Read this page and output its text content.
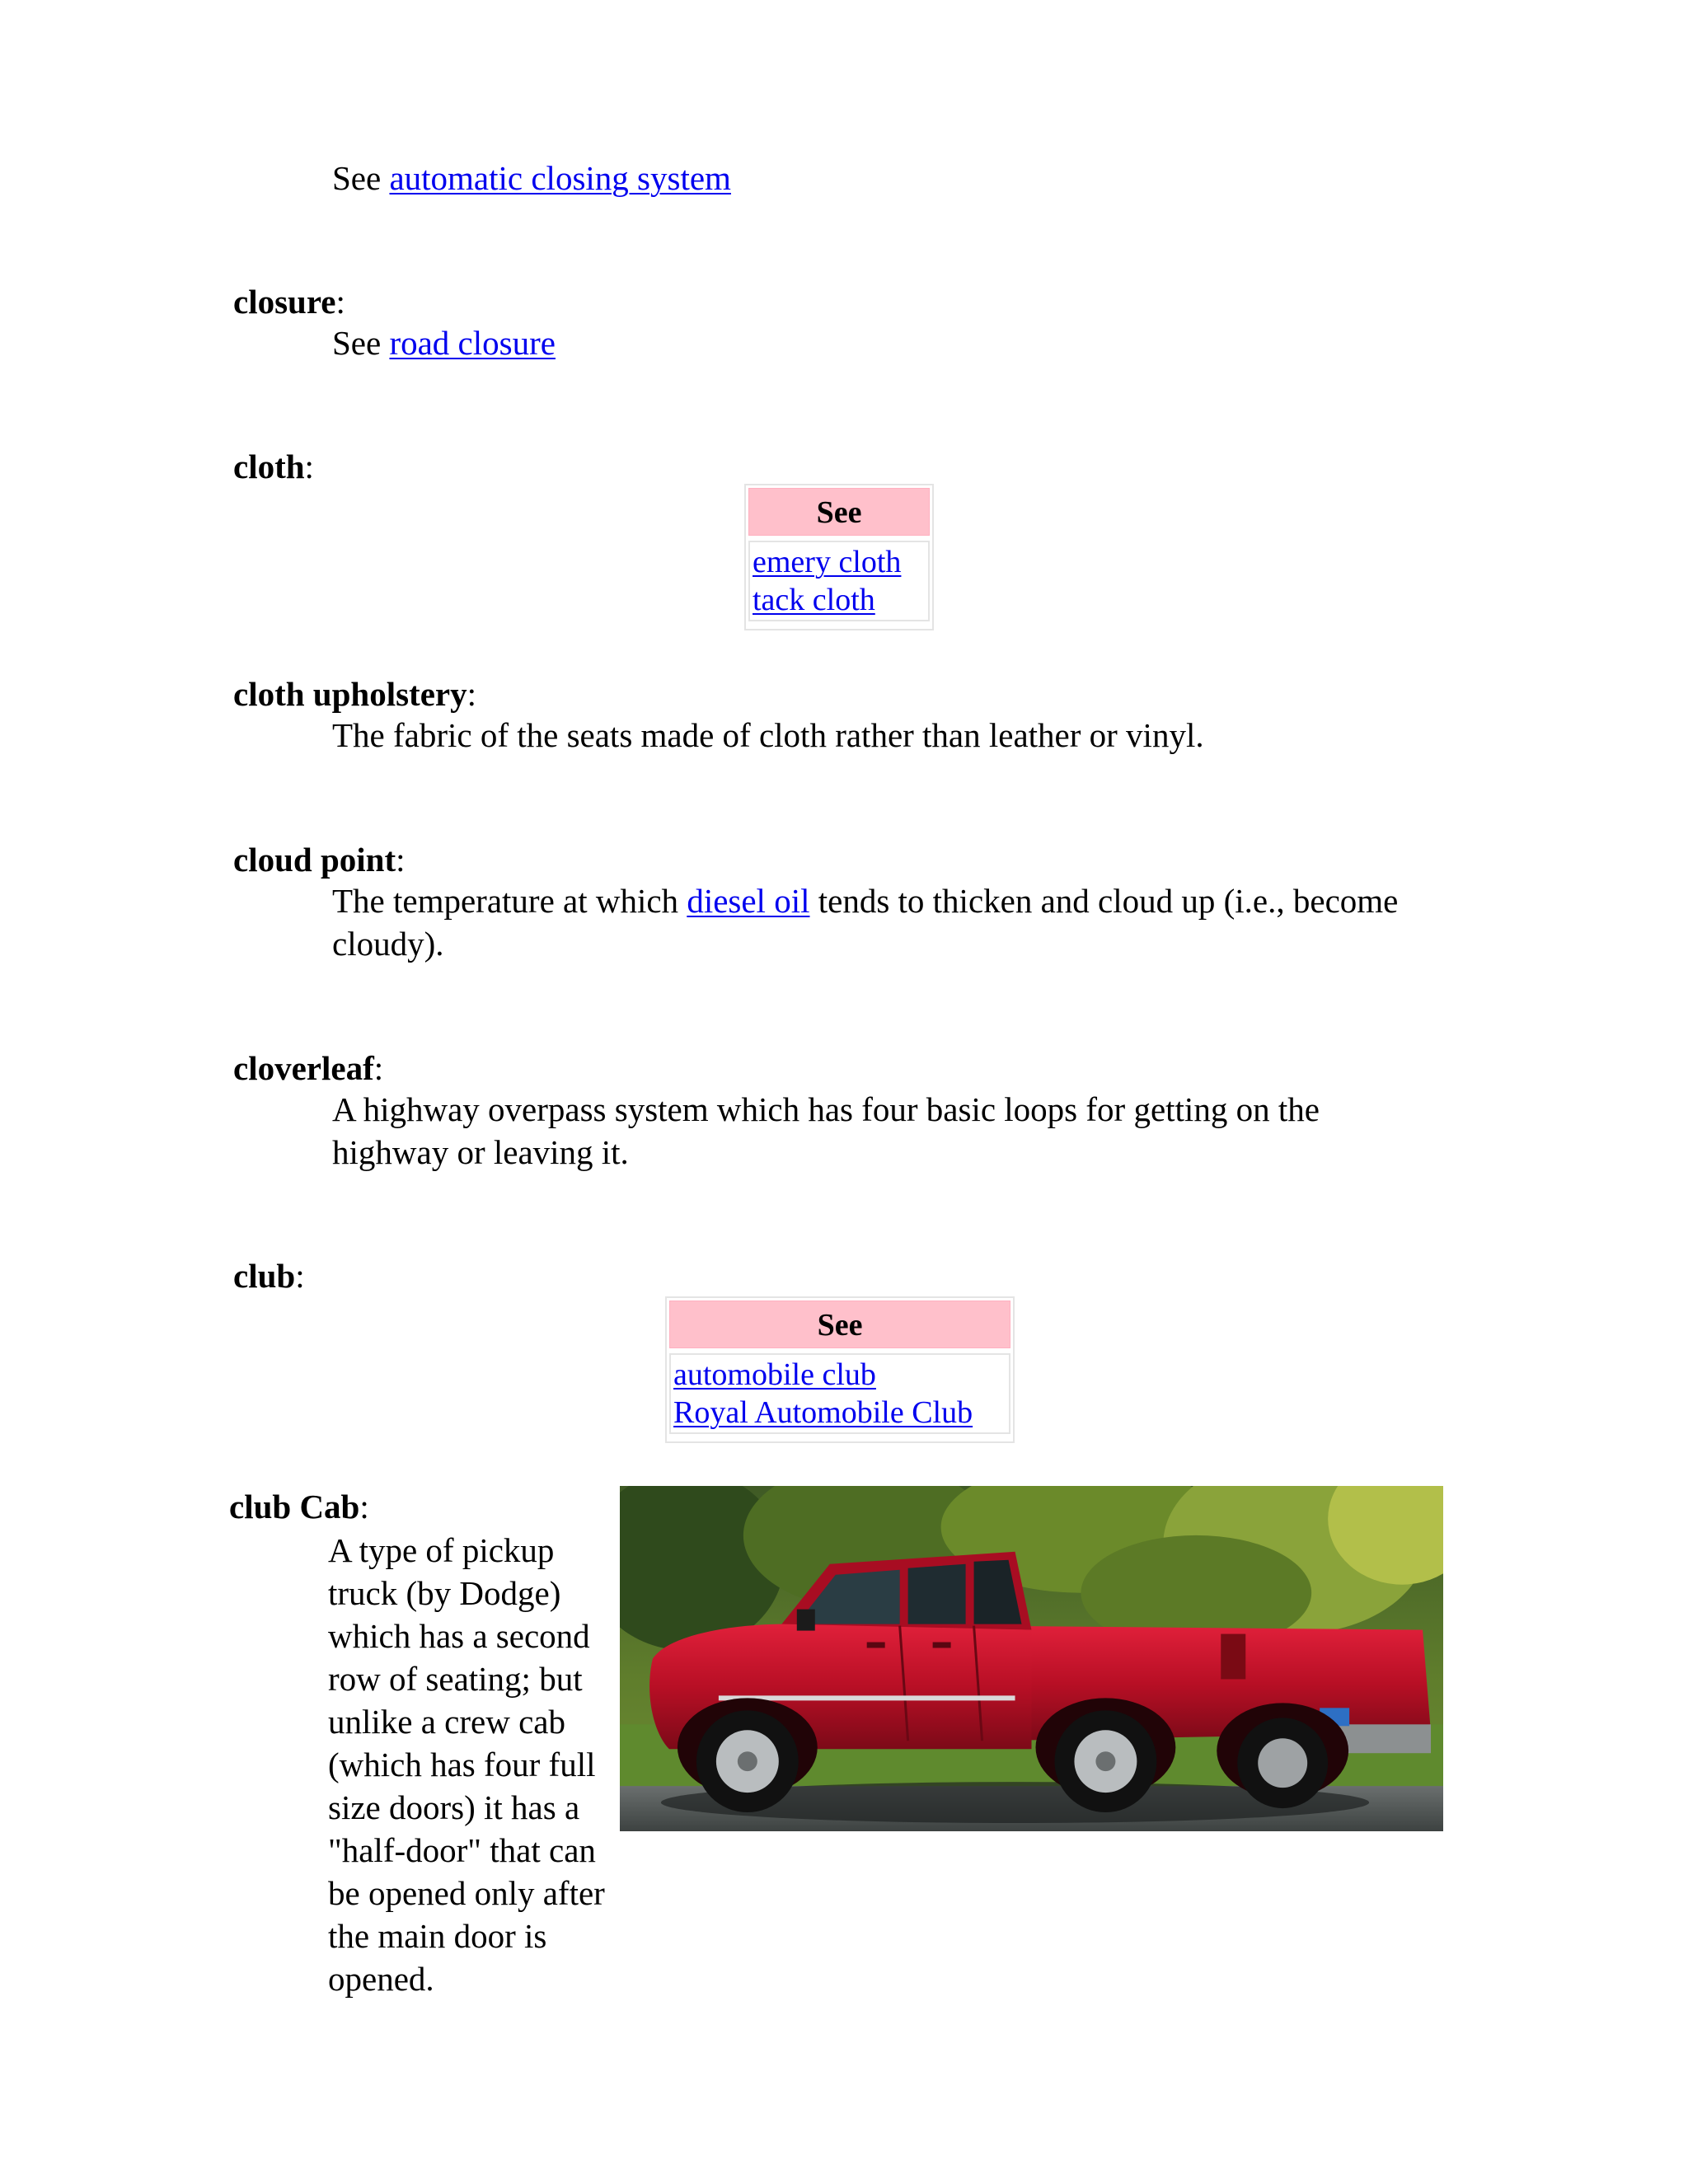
See automatic closing system
closure:
See road closure
cloth:
See
emery cloth
tack cloth
cloth upholstery:
The fabric of the seats made of cloth rather than leather or vinyl.
cloud point:
The temperature at which diesel oil tends to thicken and cloud up (i.e., become cloudy).
cloverleaf:
A highway overpass system which has four basic loops for getting on the highway or leaving it.
club:
See
automobile club
Royal Automobile Club
club Cab:
A type of pickup truck (by Dodge) which has a second row of seating; but unlike a crew cab (which has four full size doors) it has a "half-door" that can be opened only after the main door is opened.
